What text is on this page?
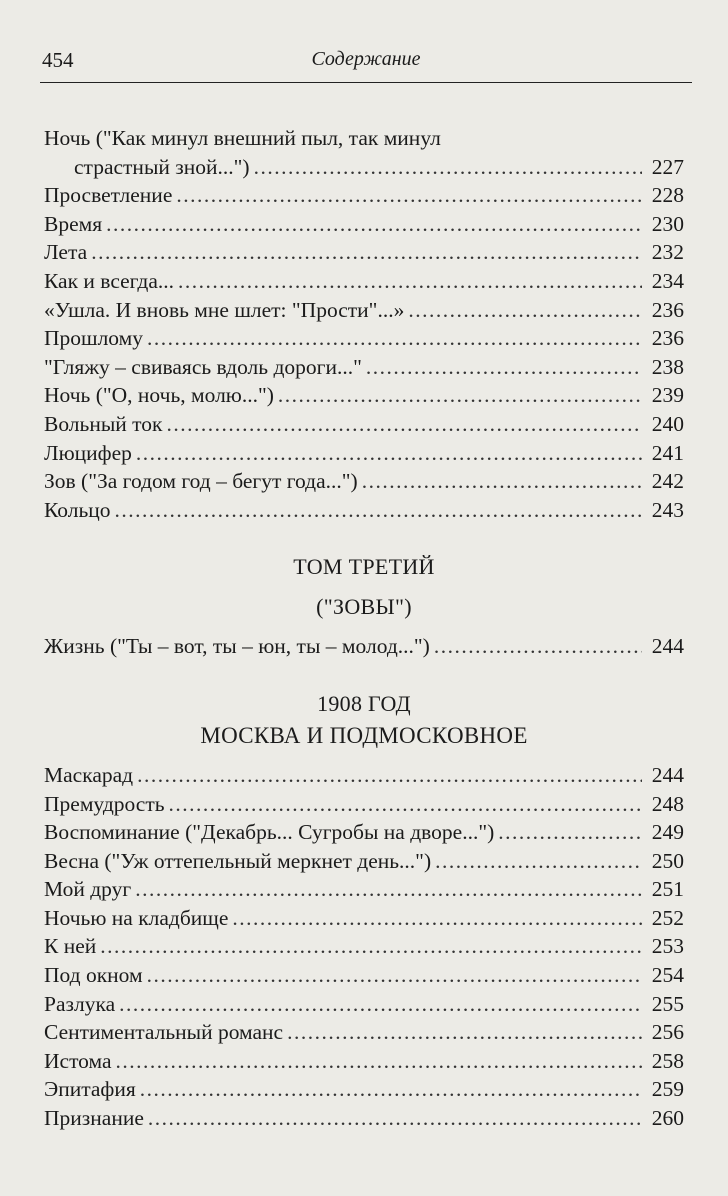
454	Содержание
Ночь ("Как минул внешний пыл, так минул
страстный зной...") .....	227
Просветление .....	228
Время .....	230
Лета .....	232
Как и всегда... .....	234
«Ушла. И вновь мне шлет: "Прости"...» .....	236
Прошлому .....	236
"Гляжу – свиваясь вдоль дороги..." .....	238
Ночь ("О, ночь, молю...") .....	239
Вольный ток .....	240
Люцифер .....	241
Зов ("За годом год – бегут года...") .....	242
Кольцо .....	243
ТОМ ТРЕТИЙ
("ЗОВЫ")
Жизнь ("Ты – вот, ты – юн, ты – молод...") .....	244
1908 ГОД
МОСКВА И ПОДМОСКОВНОЕ
Маскарад .....	244
Премудрость .....	248
Воспоминание ("Декабрь... Сугробы на дворе...") .....	249
Весна ("Уж оттепельный меркнет день...") .....	250
Мой друг .....	251
Ночью на кладбище .....	252
К ней .....	253
Под окном .....	254
Разлука .....	255
Сентиментальный романс .....	256
Истома .....	258
Эпитафия .....	259
Признание .....	260
